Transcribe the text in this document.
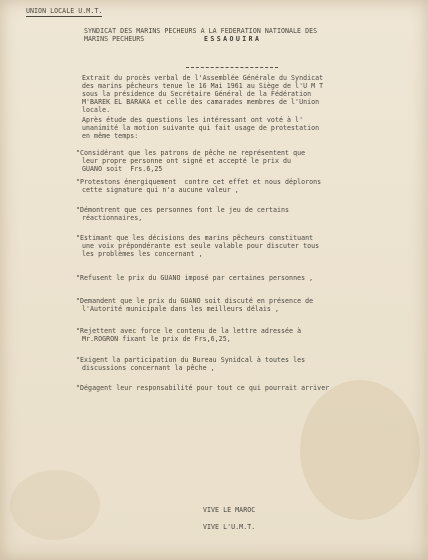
UNION LOCALE U.M.T.
SYNDICAT DES MARINS PECHEURS A LA FEDERATION NATIONALE DES
MARINS PECHEURS	ESSAOUIRA
Extrait du procès verbal de l'Assemblée Générale du Syndicat
des marins pêcheurs tenue le 16 Mai 1961 au Siège de l'U M T
sous la présidence du Secrétaire Général de la Fédération
M'BAREK EL BARAKA et celle des camarades membres de l'Union
locale.
Après étude des questions les intéressant ont voté à l'
unanimité la motion suivante qui fait usage de protestation
en même temps:
"Considérant que les patrons de pêche ne représentent que
leur propre personne ont signé et accepté le prix du
GUANO soit  Frs.6,25
"Protestons énergiquement  contre cet effet et nous déplorons
cette signature qui n'a aucune valeur ,
"Démontrent que ces personnes font le jeu de certains
réactionnaires,
"Estimant que les décisions des marins pêcheurs constituant
une voix prépondérante est seule valable pour discuter tous
les problèmes les concernant ,
"Refusent le prix du GUANO imposé par certaines personnes ,
"Demandent que le prix du GUANO soit discuté en présence de
l'Autorité municipale dans les meilleurs délais ,
"Rejettent avec force le contenu de la lettre adressée à
Mr.ROGRON fixant le prix de Frs,6,25,
"Exigent la participation du Bureau Synidcal à toutes les
discussions concernant la pêche ,
"Dégagent leur responsabilité pour tout ce qui pourrait arriver
VIVE LE MAROC
VIVE L'U.M.T.
